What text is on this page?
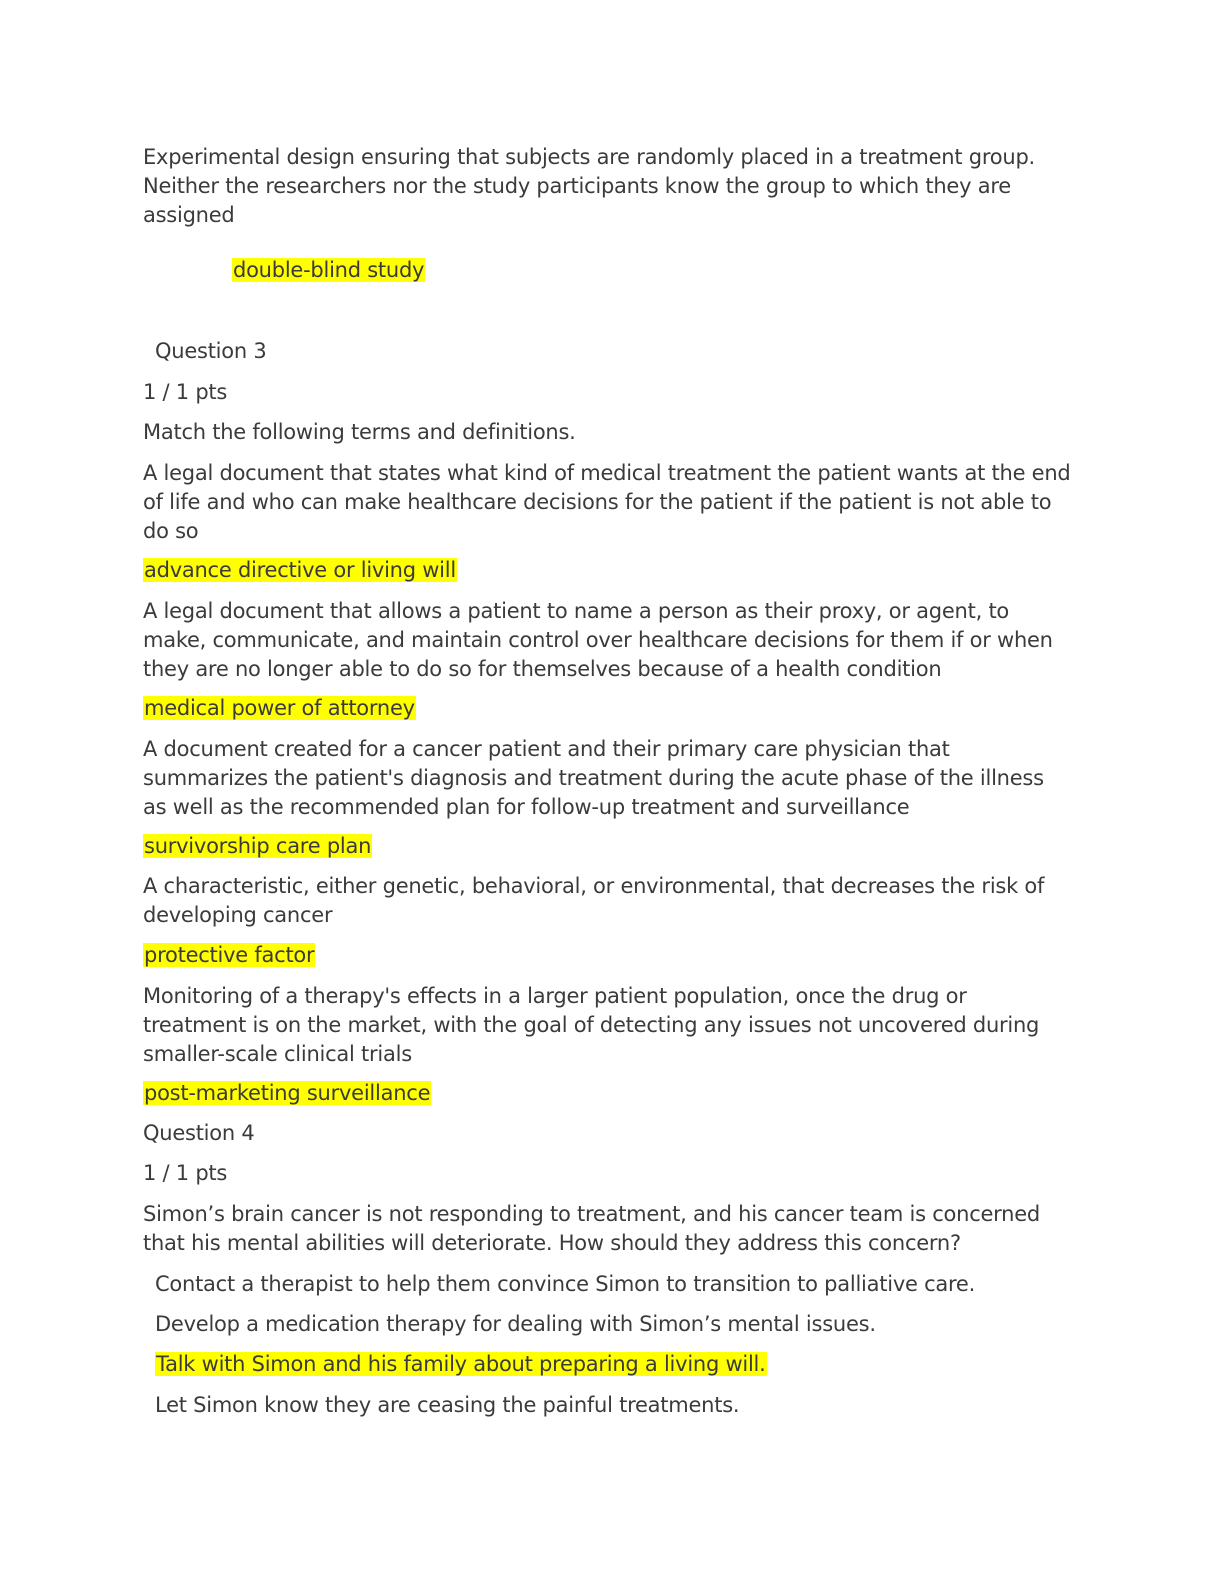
Experimental design ensuring that subjects are randomly placed in a treatment group. Neither the researchers nor the study participants know the group to which they are assigned

double-blind study

Question 3

1 / 1 pts

Match the following terms and definitions.

A legal document that states what kind of medical treatment the patient wants at the end of life and who can make healthcare decisions for the patient if the patient is not able to do so

advance directive or living will

A legal document that allows a patient to name a person as their proxy, or agent, to make, communicate, and maintain control over healthcare decisions for them if or when they are no longer able to do so for themselves because of a health condition

medical power of attorney

A document created for a cancer patient and their primary care physician that summarizes the patient's diagnosis and treatment during the acute phase of the illness as well as the recommended plan for follow-up treatment and surveillance

survivorship care plan

A characteristic, either genetic, behavioral, or environmental, that decreases the risk of developing cancer

protective factor

Monitoring of a therapy's effects in a larger patient population, once the drug or treatment is on the market, with the goal of detecting any issues not uncovered during smaller-scale clinical trials

post-marketing surveillance

Question 4

1 / 1 pts

Simon’s brain cancer is not responding to treatment, and his cancer team is concerned that his mental abilities will deteriorate. How should they address this concern?

Contact a therapist to help them convince Simon to transition to palliative care.

Develop a medication therapy for dealing with Simon’s mental issues.

Talk with Simon and his family about preparing a living will.

Let Simon know they are ceasing the painful treatments.
